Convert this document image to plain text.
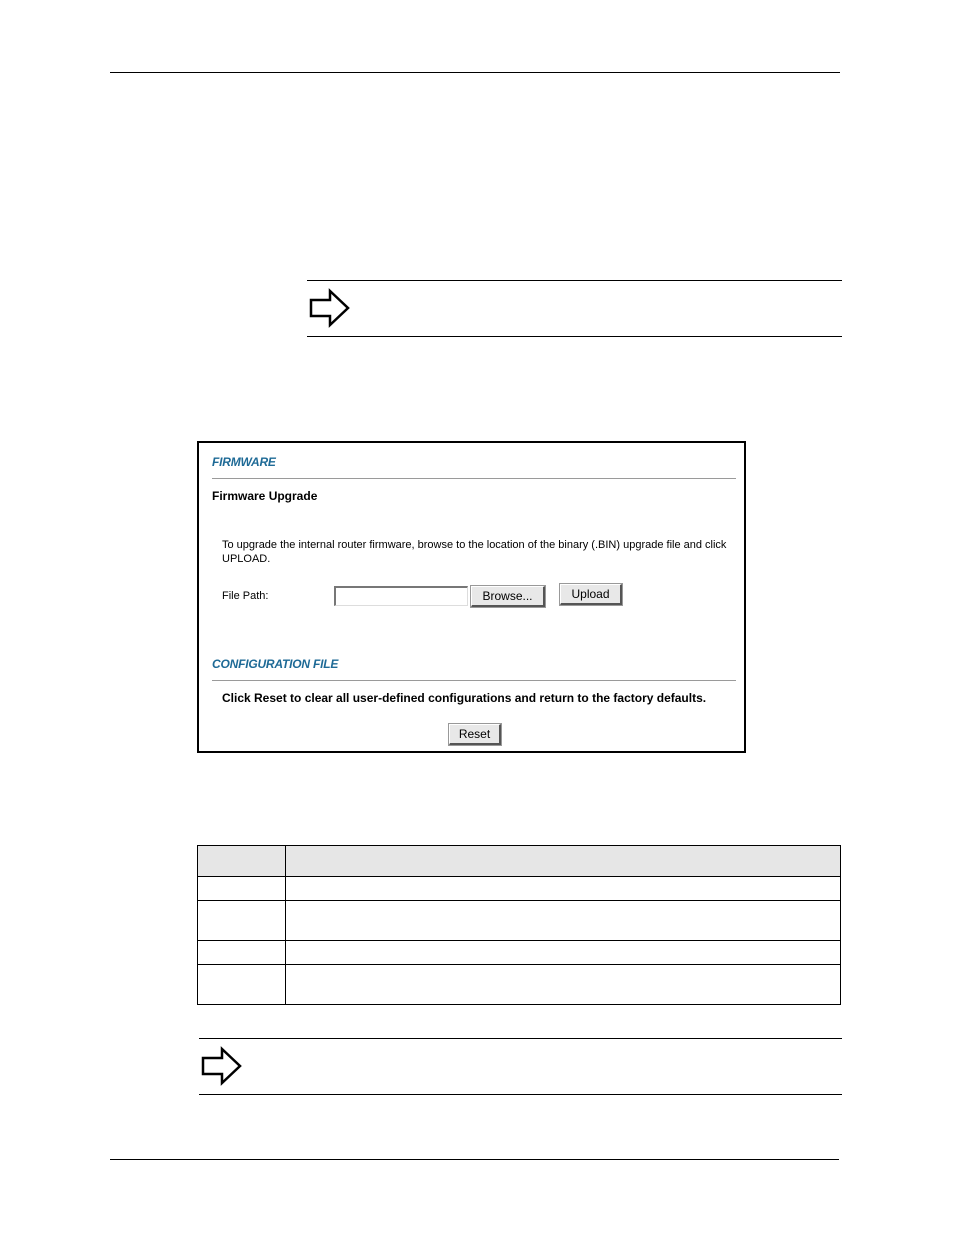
FIRMWARE
Firmware Upgrade
To upgrade the internal router firmware, browse to the location of the binary (.BIN) upgrade file and click UPLOAD.
File Path:	Browse...	Upload
CONFIGURATION FILE
Click Reset to clear all user-defined configurations and return to the factory defaults.
Reset
